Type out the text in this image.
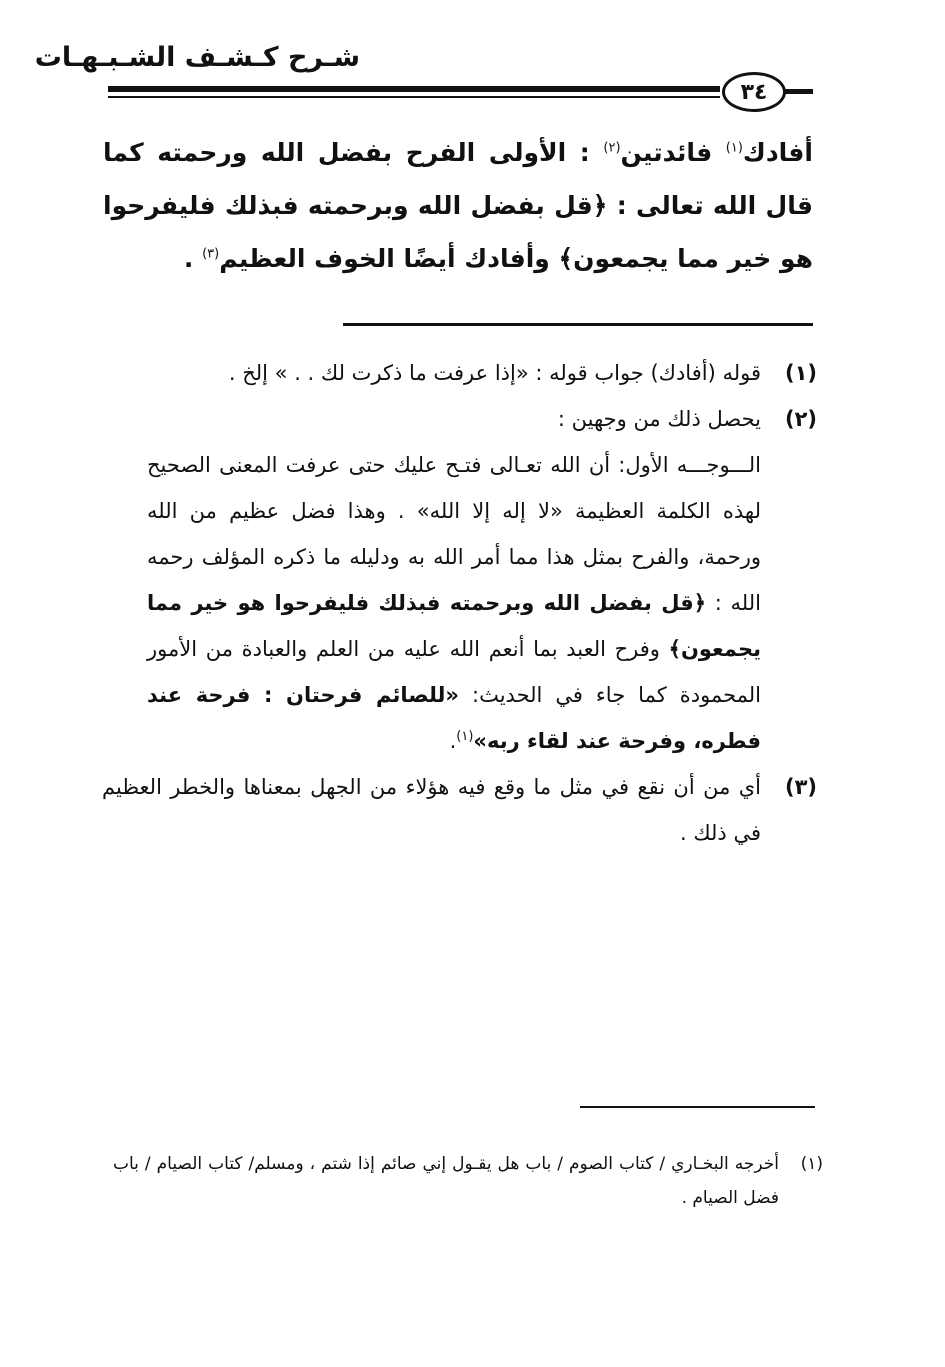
شـرح كـشـف الشـبـهـات
٣٤

أفادك$^{(١)}$ فائدتين$^{(٢)}$ : الأولى الفرح بفضل الله ورحمته كما قال الله تعالى : ﴿قل بفضل الله وبرحمته فبذلك فليفرحوا هو خير مما يجمعون﴾ وأفادك أيضًا الخوف العظيم$^{(٣)}$ .

(١)
قوله (أفادك) جواب قوله : «إذا عرفت ما ذكرت لك . . » إلخ .
(٢)
يحصل ذلك من وجهين :
الـــوجـــه الأول: أن الله تعـالى فتـح عليك حتى عرفت المعنى الصحيح لهذه الكلمة العظيمة «لا إله إلا الله» . وهذا فضل عظيم من الله ورحمة، والفرح بمثل هذا مما أمر الله به ودليله ما ذكره المؤلف رحمه الله : ﴿قل بفضل الله وبرحمته فبذلك فليفرحوا هو خير مما يجمعون﴾ وفرح العبد بما أنعم الله عليه من العلم والعبادة من الأمور المحمودة كما جاء في الحديث: «للصائم فرحتان : فرحة عند فطره، وفرحة عند لقاء ربه»$^{(١)}$.
(٣)
أي من أن نقع في مثل ما وقع فيه هؤلاء من الجهل بمعناها والخطر العظيم في ذلك .
(١)
أخرجه البخـاري / كتاب الصوم / باب هل يقـول إني صائم إذا شتم ، ومسلم/ كتاب الصيام / باب فضل الصيام .
